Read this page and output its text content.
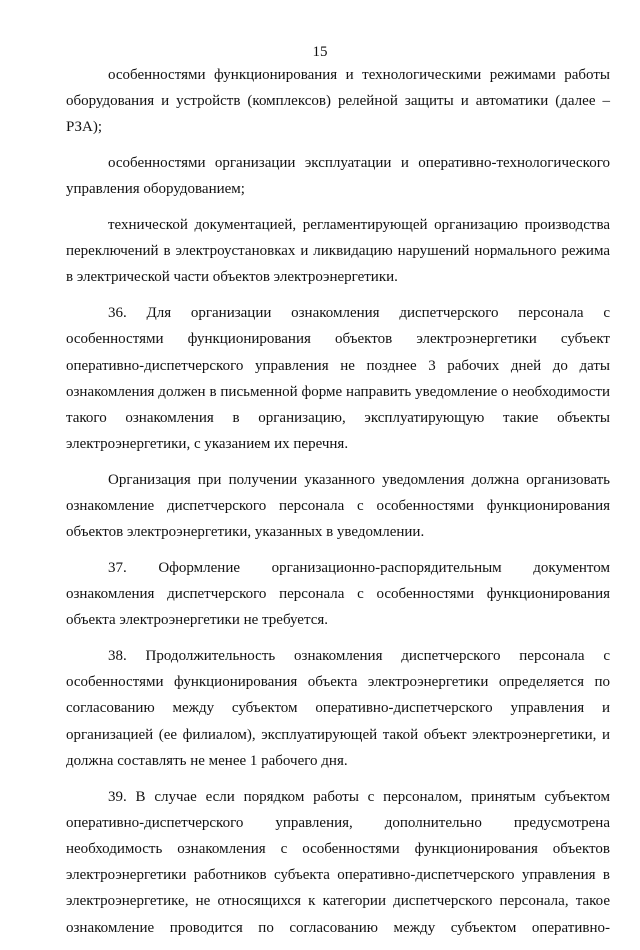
15

особенностями функционирования и технологическими режимами работы оборудования и устройств (комплексов) релейной защиты и автоматики (далее – РЗА);

особенностями организации эксплуатации и оперативно-технологического управления оборудованием;

технической документацией, регламентирующей организацию производства переключений в электроустановках и ликвидацию нарушений нормального режима в электрической части объектов электроэнергетики.

36. Для организации ознакомления диспетчерского персонала с особенностями функционирования объектов электроэнергетики субъект оперативно-диспетчерского управления не позднее 3 рабочих дней до даты ознакомления должен в письменной форме направить уведомление о необходимости такого ознакомления в организацию, эксплуатирующую такие объекты электроэнергетики, с указанием их перечня.

Организация при получении указанного уведомления должна организовать ознакомление диспетчерского персонала с особенностями функционирования объектов электроэнергетики, указанных в уведомлении.

37. Оформление организационно-распорядительным документом ознакомления диспетчерского персонала с особенностями функционирования объекта электроэнергетики не требуется.

38. Продолжительность ознакомления диспетчерского персонала с особенностями функционирования объекта электроэнергетики определяется по согласованию между субъектом оперативно-диспетчерского управления и организацией (ее филиалом), эксплуатирующей такой объект электроэнергетики, и должна составлять не менее 1 рабочего дня.

39. В случае если порядком работы с персоналом, принятым субъектом оперативно-диспетчерского управления, дополнительно предусмотрена необходимость ознакомления с особенностями функционирования объектов электроэнергетики работников субъекта оперативно-диспетчерского управления в электроэнергетике, не относящихся к категории диспетчерского персонала, такое ознакомление проводится по согласованию между субъектом оперативно-
